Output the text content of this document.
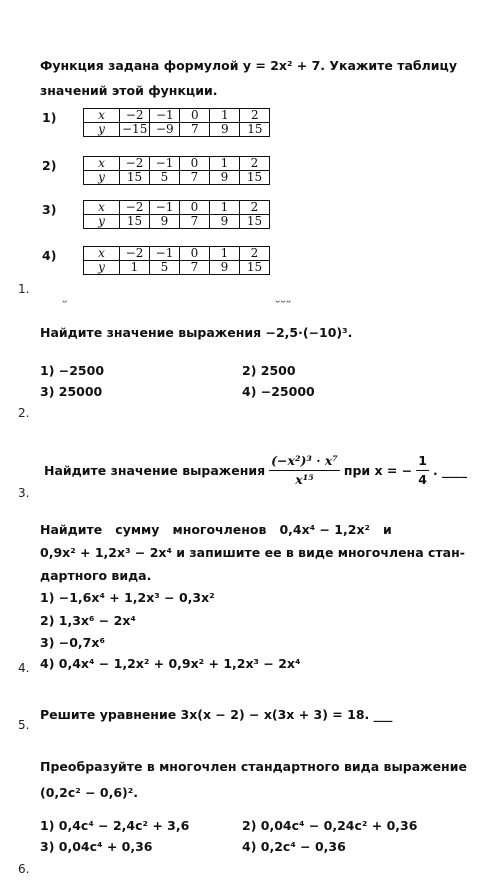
Функция задана формулой y = 2x² + 7. Укажите таблицу
значений этой функции.
1)	x	−2	−1	0	1	2
y	−15	−9	7	9	15
2)	x	−2	−1	0	1	2
y	15	5	7	9	15
3)	x	−2	−1	0	1	2
y	15	9	7	9	15
4)	x	−2	−1	0	1	2
y	1	5	7	9	15
1.
ᵕ	ᵕᵕᵕ
Найдите значение выражения −2,5·(−10)³.
1) −2500	2) 2500
3) 25000	4) −25000
2.
Найдите значение выражения $\frac{\text{(−x²)³ · x⁷}}{\text{x¹⁵}}$ при x = − $\frac{1}{4}$ . ____
3.
Найдите   сумму   многочленов   0,4x⁴ − 1,2x²   и
0,9x² + 1,2x³ − 2x⁴ и запишите ее в виде многочлена стан-
дартного вида.
1) −1,6x⁴ + 1,2x³ − 0,3x²
2) 1,3x⁶ − 2x⁴
3) −0,7x⁶
4) 0,4x⁴ − 1,2x² + 0,9x² + 1,2x³ − 2x⁴
4.
Решите уравнение 3x(x − 2) − x(3x + 3) = 18. ___
5.
Преобразуйте в многочлен стандартного вида выражение
(0,2c² − 0,6)².
1) 0,4c⁴ − 2,4c² + 3,6	2) 0,04c⁴ − 0,24c² + 0,36
3) 0,04c⁴ + 0,36	4) 0,2c⁴ − 0,36
6.
